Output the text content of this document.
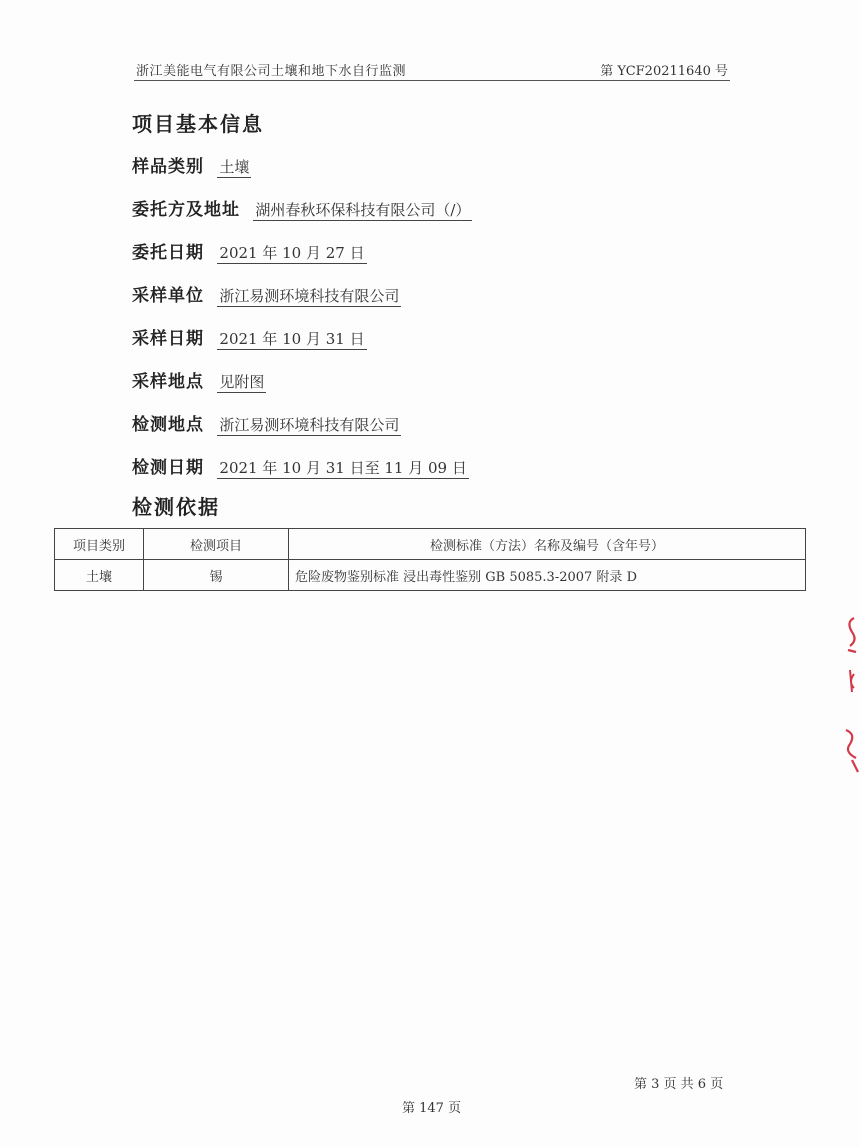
浙江美能电气有限公司土壤和地下水自行监测	第 YCF20211640 号
项目基本信息
样品类别 土壤
委托方及地址 湖州春秋环保科技有限公司（/）
委托日期 2021 年 10 月 27 日
采样单位 浙江易测环境科技有限公司
采样日期 2021 年 10 月 31 日
采样地点 见附图
检测地点 浙江易测环境科技有限公司
检测日期 2021 年 10 月 31 日至 11 月 09 日
检测依据
项目类别	检测项目	检测标准（方法）名称及编号（含年号）
土壤	锡	危险废物鉴别标准 浸出毒性鉴别 GB 5085.3-2007 附录 D
第 3 页 共 6 页
第 147 页
